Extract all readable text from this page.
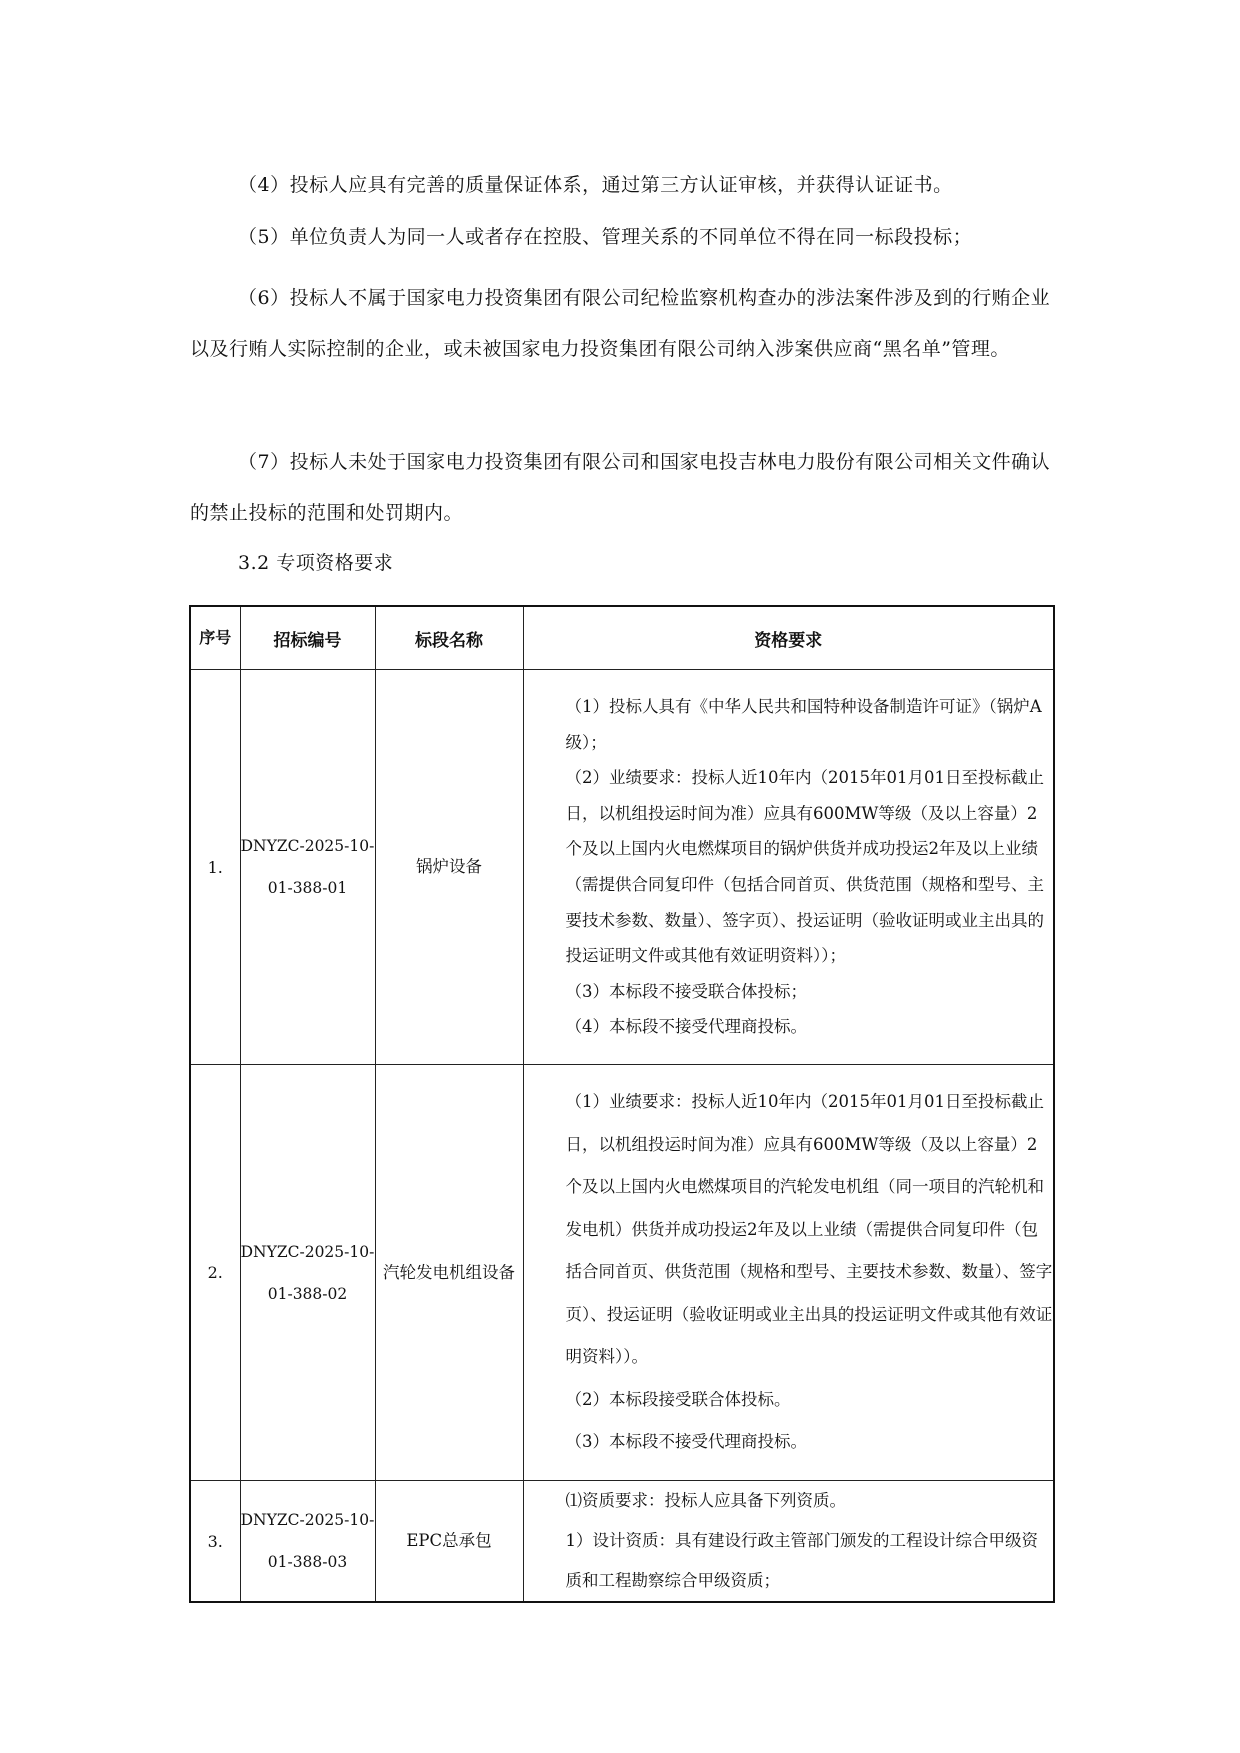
（4）投标人应具有完善的质量保证体系，通过第三方认证审核，并获得认证证书。

（5）单位负责人为同一人或者存在控股、管理关系的不同单位不得在同一标段投标；

（6）投标人不属于国家电力投资集团有限公司纪检监察机构查办的涉法案件涉及到的行贿企业以及行贿人实际控制的企业，或未被国家电力投资集团有限公司纳入涉案供应商“黑名单”管理。

（7）投标人未处于国家电力投资集团有限公司和国家电投吉林电力股份有限公司相关文件确认的禁止投标的范围和处罚期内。

3.2 专项资格要求
序号	招标编号	标段名称	资格要求
1.	DNYZC-2025-10-01-388-01	锅炉设备	（1）投标人具有《中华人民共和国特种设备制造许可证》（锅炉A级）；
（2）业绩要求：投标人近10年内（2015年01月01日至投标截止日，以机组投运时间为准）应具有600MW等级（及以上容量）2个及以上国内火电燃煤项目的锅炉供货并成功投运2年及以上业绩（需提供合同复印件（包括合同首页、供货范围（规格和型号、主要技术参数、数量）、签字页）、投运证明（验收证明或业主出具的投运证明文件或其他有效证明资料））；
（3）本标段不接受联合体投标；
（4）本标段不接受代理商投标。

2.	DNYZC-2025-10-01-388-02	汽轮发电机组设备	（1）业绩要求：投标人近10年内（2015年01月01日至投标截止日，以机组投运时间为准）应具有600MW等级（及以上容量）2个及以上国内火电燃煤项目的汽轮发电机组（同一项目的汽轮机和发电机）供货并成功投运2年及以上业绩（需提供合同复印件（包括合同首页、供货范围（规格和型号、主要技术参数、数量）、签字页）、投运证明（验收证明或业主出具的投运证明文件或其他有效证明资料））。
（2）本标段接受联合体投标。
（3）本标段不接受代理商投标。

3.	DNYZC-2025-10-01-388-03	EPC总承包	⑴资质要求：投标人应具备下列资质。
1）设计资质：具有建设行政主管部门颁发的工程设计综合甲级资质和工程勘察综合甲级资质；
